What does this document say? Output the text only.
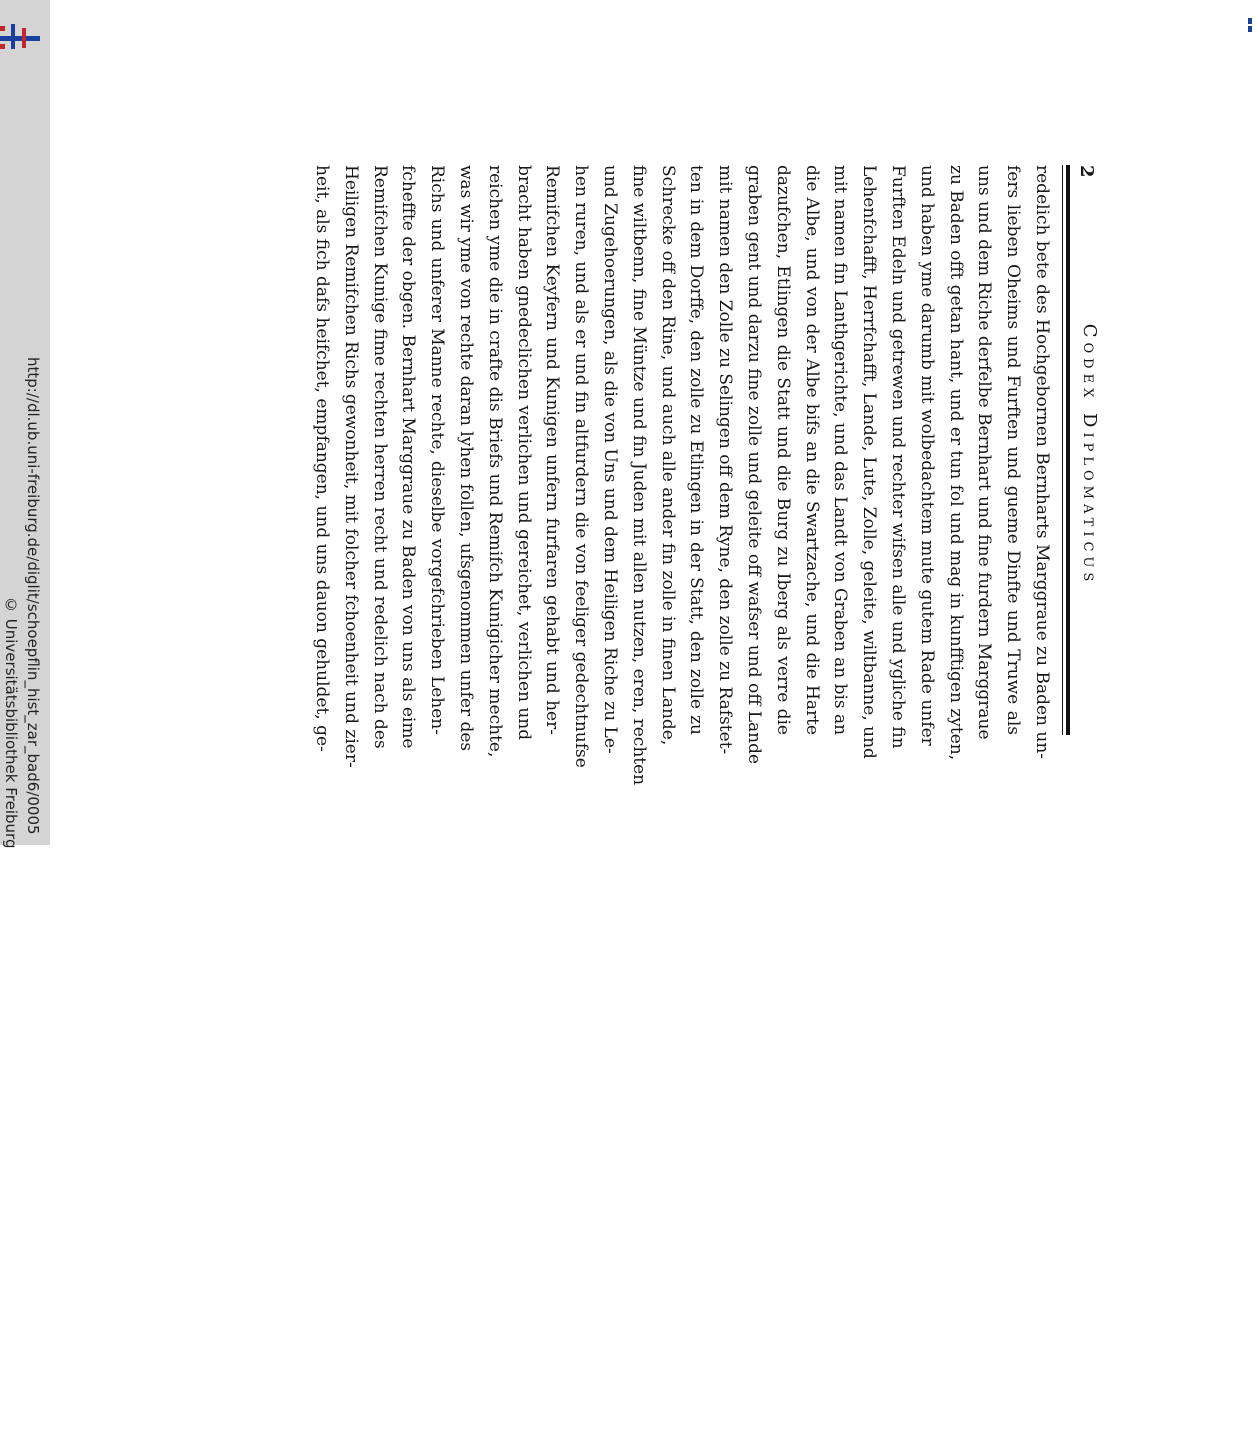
http://dl.ub.uni-freiburg.de/diglit/schoepflin_hist_zar_bad6/0005
© Universitätsbibliothek Freiburg
2
Codex Diplomaticus
redelich bete des Hochgebornen Bernharts Marggraue zu Baden un-
fers lieben Oheims und Furften und gueme Dinfte und Truwe als
uns und dem Riche derfelbe Bernhart und fine furdern Marggraue
zu Baden offt getan hant, und er tun fol und mag in kunfftigen zyten,
und haben yme darumb mit wolbedachtem mute gutem Rade unfer
Furften Edeln und getrewen und rechter wifsen alle und ygliche fin
Lehenfchafft, Herrfchafft, Lande, Lute, Zolle, geleite, wiltbanne, und
mit namen fin Lanthgerichte, und das Landt von Graben an bis an
die Albe, und von der Albe bifs an die Swartzache, und die Harte
dazufchen, Etlingen die Statt und die Burg zu Iberg als verre die
graben gent und darzu fine zolle und geleite off wafser und off Lande
mit namen den Zolle zu Selingen off dem Ryne, den zolle zu Rafstet-
ten in dem Dorffe, den zolle zu Etlingen in der Statt, den zolle zu
Schrecke off den Rine, und auch alle ander fin zolle in finen Lande,
fine wiltbenn, fine Müntze und fin Juden mit allen nutzen, eren, rechten
und Zugehoerungen, als die von Uns und dem Heiligen Riche zu Le-
hen ruren, und als er und fin altfurdern die von feeliger gedechtnufse
Remifchen Keyfern und Kunigen unfern furfaren gehabt und her-
bracht haben gnedeclichen verlichen und gereichet, verlichen und
reichen yme die in crafte dis Briefs und Remifch Kunigicher mechte,
was wir yme von rechte daran lyhen follen, ufsgenommen unfer des
Richs und unferer Manne rechte, dieselbe vorgefchrieben Lehen-
fcheffte der obgen. Bernhart Marggraue zu Baden von uns als eime
Remifchen Kunige fime rechten herren recht und redelich nach des
Heiligen Remifchen Richs gewonheit, mit folcher fchoenheit und zier-
heit, als fich dafs heifchet, empfangen, und uns dauon gehuldet, ge-
